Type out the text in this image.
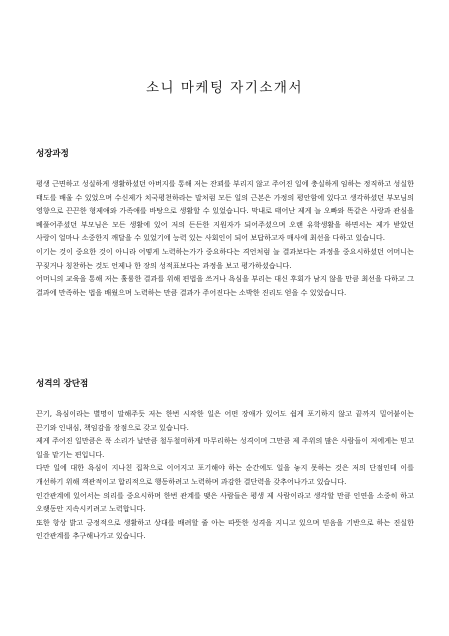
소니 마케팅 자기소개서
성장과정

평생 근면하고 성실하게 생활하셨던 아버지를 통해 저는 잔꾀를 부리지 않고 주어진 일에 충실하게 임하는 정직하고 성실한 태도를 배울 수 있었으며 수신제가 치국평천하라는 말처럼 모든 일의 근본은 가정의 평안함에 있다고 생각하셨던 부모님의 영향으로 끈끈한 형제애와 가족애를 바탕으로 생활할 수 있었습니다. 막내로 태어난 제게 늘 오빠와 똑같은 사랑과 관심을 베풀어주셨던 부모님은 모든 생활에 있어 저의 든든한 지원자가 되어주셨으며 오랜 유학생활을 하면서는 제가 받았던 사랑이 얼마나 소중한지 깨달을 수 있었기에 능력 있는 사회인이 되어 보답하고자 매사에 최선을 다하고 있습니다.

이기는 것이 중요한 것이 아니라 어떻게 노력하는가가 중요하다는 격언처럼 늘 결과보다는 과정을 중요시하셨던 어머니는 꾸짖거나 칭찬하는 것도 언제나 한 장의 성적표보다는 과정을 보고 평가하셨습니다.

어머니의 교육을 통해 저는 훌륭한 결과를 위해 편법을 쓰거나 욕심을 부리는 대신 후회가 남지 않을 만큼 최선을 다하고 그 결과에 만족하는 법을 배웠으며 노력하는 만큼 결과가 주어진다는 소박한 진리도 얻을 수 있었습니다.

성격의 장단점

끈기, 욕심이라는 별명이 말해주듯 저는 한번 시작한 일은 어떤 장애가 있어도 쉽게 포기하지 않고 끝까지 밀어붙이는 끈기와 인내심, 책임감을 장점으로 갖고 있습니다.

제게 주어진 일만큼은 푹 소리가 날만큼 철두철미하게 마무리하는 성격이며 그만큼 제 주위의 많은 사람들이 저에게는 믿고 일을 맡기는 편입니다.

다만 일에 대한 욕심이 지나친 집착으로 이어지고 포기해야 하는 순간에도 일을 놓지 못하는 것은 저의 단점인데 이를 개선하기 위해 객관적이고 합리적으로 행동하려고 노력하며 과감한 결단력을 갖추어나가고 있습니다.

인간관계에 있어서는 의리를 중요시하며 한번 관계를 맺은 사람들은 평생 제 사람이라고 생각할 만큼 인연을 소중히 하고 오랫동안 지속시키려고 노력합니다.

또한 항상 밝고 긍정적으로 생활하고 상대를 배려할 줄 아는 따뜻한 성격을 지니고 있으며 믿음을 기반으로 하는 진실한 인간관계를 추구해나가고 있습니다.
